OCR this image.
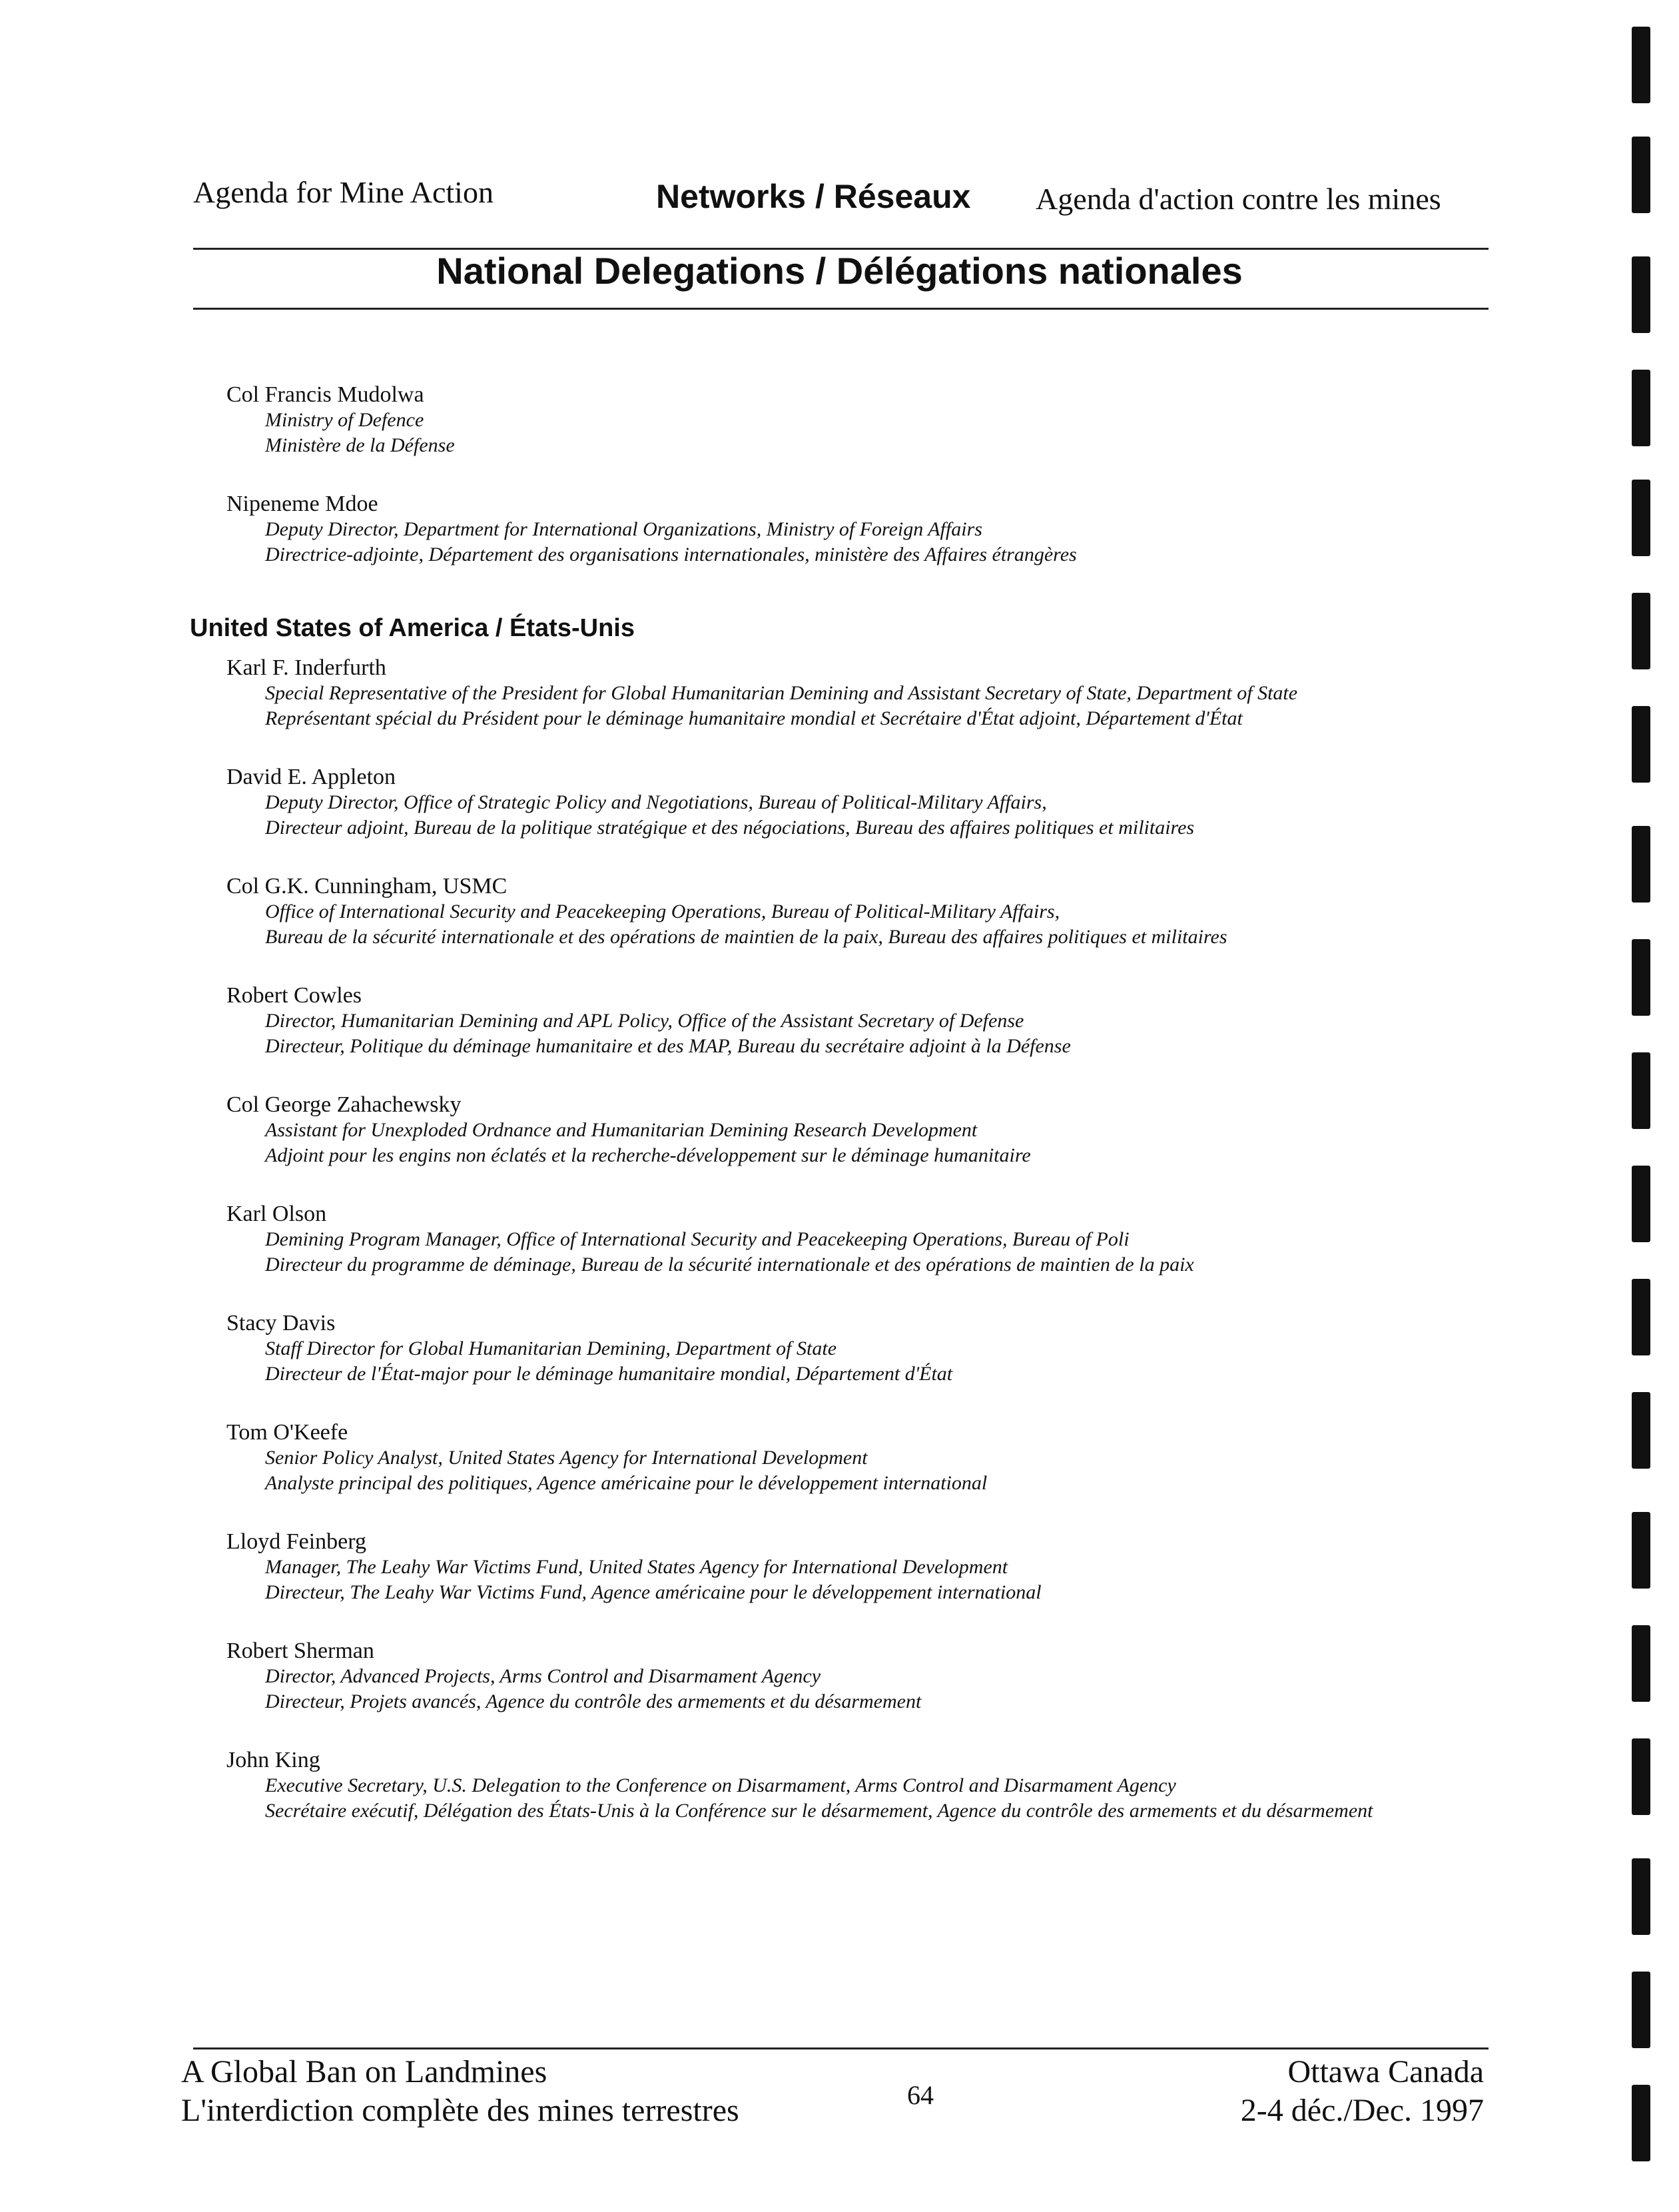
Agenda for Mine Action	Networks / Réseaux Agenda d'action contre les mines
National Delegations / Délégations nationales
Col Francis Mudolwa
Ministry of Defence
Ministère de la Défense
Nipeneme Mdoe
Deputy Director, Department for International Organizations, Ministry of Foreign Affairs
Directrice-adjointe, Département des organisations internationales, ministère des Affaires étrangères
United States of America / États-Unis
Karl F. Inderfurth
Special Representative of the President for Global Humanitarian Demining and Assistant Secretary of State, Department of State
Représentant spécial du Président pour le déminage humanitaire mondial et Secrétaire d'État adjoint, Département d'État
David E. Appleton
Deputy Director, Office of Strategic Policy and Negotiations, Bureau of Political-Military Affairs,
Directeur adjoint, Bureau de la politique stratégique et des négociations, Bureau des affaires politiques et militaires
Col G.K. Cunningham, USMC
Office of International Security and Peacekeeping Operations, Bureau of Political-Military Affairs,
Bureau de la sécurité internationale et des opérations de maintien de la paix, Bureau des affaires politiques et militaires
Robert Cowles
Director, Humanitarian Demining and APL Policy, Office of the Assistant Secretary of Defense
Directeur, Politique du déminage humanitaire et des MAP, Bureau du secrétaire adjoint à la Défense
Col George Zahachewsky
Assistant for Unexploded Ordnance and Humanitarian Demining Research Development
Adjoint pour les engins non éclatés et la recherche-développement sur le déminage humanitaire
Karl Olson
Demining Program Manager, Office of International Security and Peacekeeping Operations, Bureau of Poli
Directeur du programme de déminage, Bureau de la sécurité internationale et des opérations de maintien de la paix
Stacy Davis
Staff Director for Global Humanitarian Demining, Department of State
Directeur de l'État-major pour le déminage humanitaire mondial, Département d'État
Tom O'Keefe
Senior Policy Analyst, United States Agency for International Development
Analyste principal des politiques, Agence américaine pour le développement international
Lloyd Feinberg
Manager, The Leahy War Victims Fund, United States Agency for International Development
Directeur, The Leahy War Victims Fund, Agence américaine pour le développement international
Robert Sherman
Director, Advanced Projects, Arms Control and Disarmament Agency
Directeur, Projets avancés, Agence du contrôle des armements et du désarmement
John King
Executive Secretary, U.S. Delegation to the Conference on Disarmament, Arms Control and Disarmament Agency
Secrétaire exécutif, Délégation des États-Unis à la Conférence sur le désarmement, Agence du contrôle des armements et du désarmement
A Global Ban on Landmines
L'interdiction complète des mines terrestres	64
Ottawa Canada
2-4 déc./Dec. 1997
